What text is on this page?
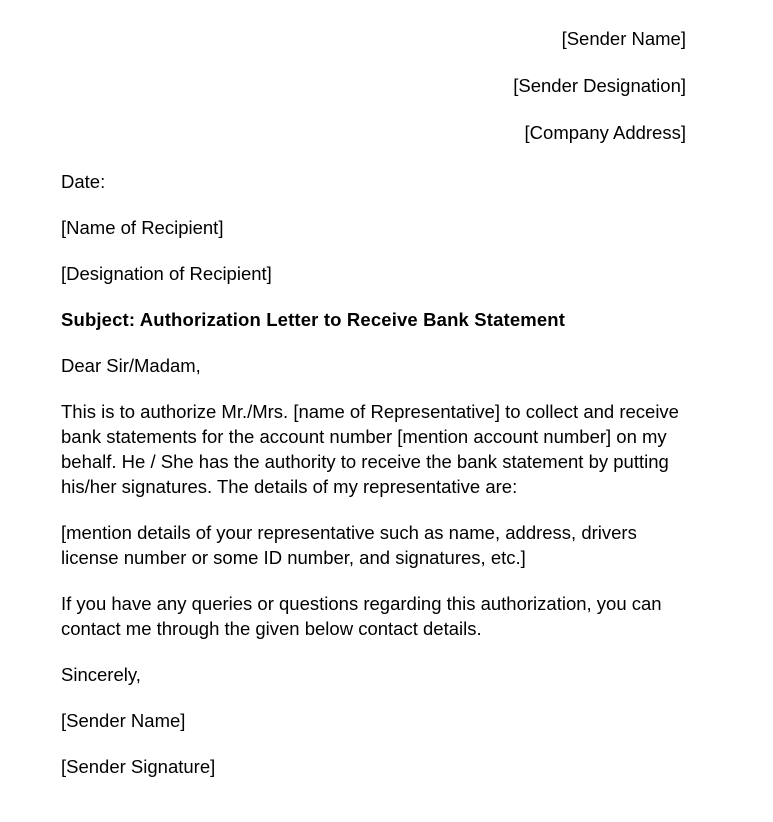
[Sender Name]

[Sender Designation]

[Company Address]

Date:

[Name of Recipient]

[Designation of Recipient]

Subject: Authorization Letter to Receive Bank Statement

Dear Sir/Madam,

This is to authorize Mr./Mrs. [name of Representative] to collect and receive bank statements for the account number [mention account number] on my behalf. He / She has the authority to receive the bank statement by putting his/her signatures. The details of my representative are:

[mention details of your representative such as name, address, drivers license number or some ID number, and signatures, etc.]

If you have any queries or questions regarding this authorization, you can contact me through the given below contact details.

Sincerely,

[Sender Name]

[Sender Signature]
